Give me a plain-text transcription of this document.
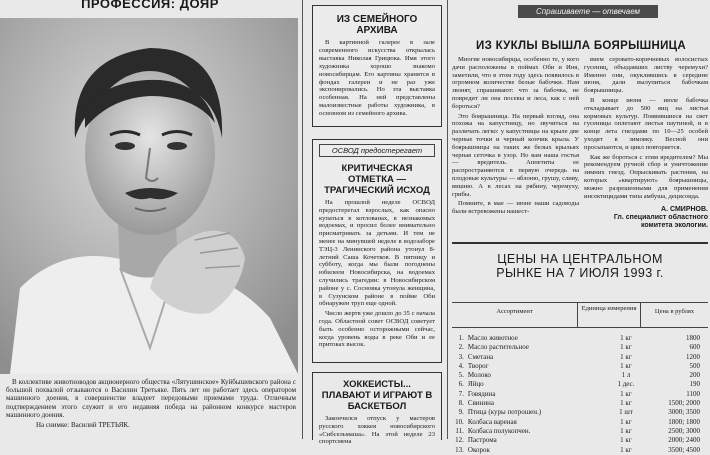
ПРОФЕССИЯ: ДОЯР

В коллективе животноводов акционерного общества «Лятушинское» Куйбышевского района с большой похвалой отзываются о Василии Третьяке. Пять лет он работает здесь оператором машинного доения, в совершенстве владеет передовыми приемами труда. Отличным подтверждением этого служит и его недавняя победа на районном конкурсе мастеров машинного доения.

На снимке: Василий ТРЕТЬЯК.

ИЗ СЕМЕЙНОГО АРХИВА

В картинной галерее в зале современного искусства открылась выставка Николая Грицюка. Имя этого художника хорошо знакомо новосибирцам. Его картины хранятся в фондах галереи и не раз уже экспонировались. Но эта выставка особенная. На ней представлены малоизвестные работы художника, в основном из семейного архива.

ОСВОД предостерегает
КРИТИЧЕСКАЯ ОТМЕТКА — ТРАГИЧЕСКИЙ ИСХОД

На прошлой неделе ОСВОД предостерегал взрослых, как опасно купаться в котлованах, в незнакомых водоемах, и просил более внимательно присматривать за детьми. И тем не менее на минувшей неделе в водозаборе ТЭЦ-3 Ленинского района утонул 8-летний Саша Кочетков. В пятницу и субботу, когда мы были погоднены юбилеем Новосибирска, на водоемах случились трагедии: в Новосибирском районе у с. Сосновка утонула женщина, в Сузунском районе в пойме Оби обнаружен труп еще одной.

Число жертв уже дошло до 35 с начала года. Областной совет ОСВОД советует быть особенно осторожными сейчас, когда уровень воды в реке Оби и ее притоках высок.

ХОККЕИСТЫ... ПЛАВАЮТ И ИГРАЮТ В БАСКЕТБОЛ

Закончился отпуск у мастеров русского хоккея новосибирского «Сибсельмаша». На этой неделе 23 спортсмена

Спрашиваете — отвечаем
ИЗ КУКЛЫ ВЫШЛА БОЯРЫШНИЦА

Многие новосибирцы, особенно те, у кого дачи расположены в поймах Оби и Иня, заметили, что в этом году здесь появилось в огромном количестве белые бабочки. Нам звонят, спрашивают: что за бабочка, не повредит ли она посевы и леса, как с ней бороться?

Это боярышница. На первый взгляд, она похожа на капустницу, но звучиться на различать легко: у капустницы на крыле две черные точки и черный кончик крыла. У боярышницы на таких же белых крыльях черная сеточка в узор. Но вам наша гостья — вредитель. Аппетиты ее распространяются в первую очередь на плодовые культуры — яблоню, грушу, сливу, вишню. А в лесах на рябину, черемуху, грибы.

Помните, в мае — июне наши садоводы были встревожены нашест-

вием серовато-коричневых волосистых гусениц, объедавших листву черемухи? Именно они, окуклившись в середине июня, дали вылупиться бабочкам боярышницы.

В конце июня — июле бабочка откладывает до 500 яиц на листья кормовых культур. Появившиеся на свет гусеницы оплетают листья паутиной, и в конце лета гнездами по 10—25 особей уходят в зимовку. Весной они просыпаются, и цикл повторяется.

Как же бороться с этим вредителем? Мы рекомендуем ручной сбор и уничтожение зимних гнезд. Опрыскивать растения, на которых «квартируют» боярышницы, можно разрешенными для применения инсектицидами типа амбуша, децисоида.

А. СМИРНОВ.
Гл. специалист областного комитета экологии.
ЦЕНЫ НА ЦЕНТРАЛЬНОМ РЫНКЕ НА 7 ИЮЛЯ 1993 г.
Ассортимент	Единица измерения	Цена в рублях
1.	Масло животное	1 кг	1800
2.	Масло растительное	1 кг	600
3.	Сметана	1 кг	1200
4.	Творог	1 кг	500
5.	Молоко	1 л	200
6.	Яйцо	1 дес.	190
7.	Говядина	1 кг	1100
8.	Свинина	1 кг	1500; 2000
9.	Птица (куры потрошен.)	1 шт	3000; 3500
10.	Колбаса вареная	1 кг	1800; 1800
11.	Колбаса полукопчен.	1 кг	2500; 3000
12.	Пастрома	1 кг	2000; 2400
13.	Окорок	1 кг	3500; 4500
